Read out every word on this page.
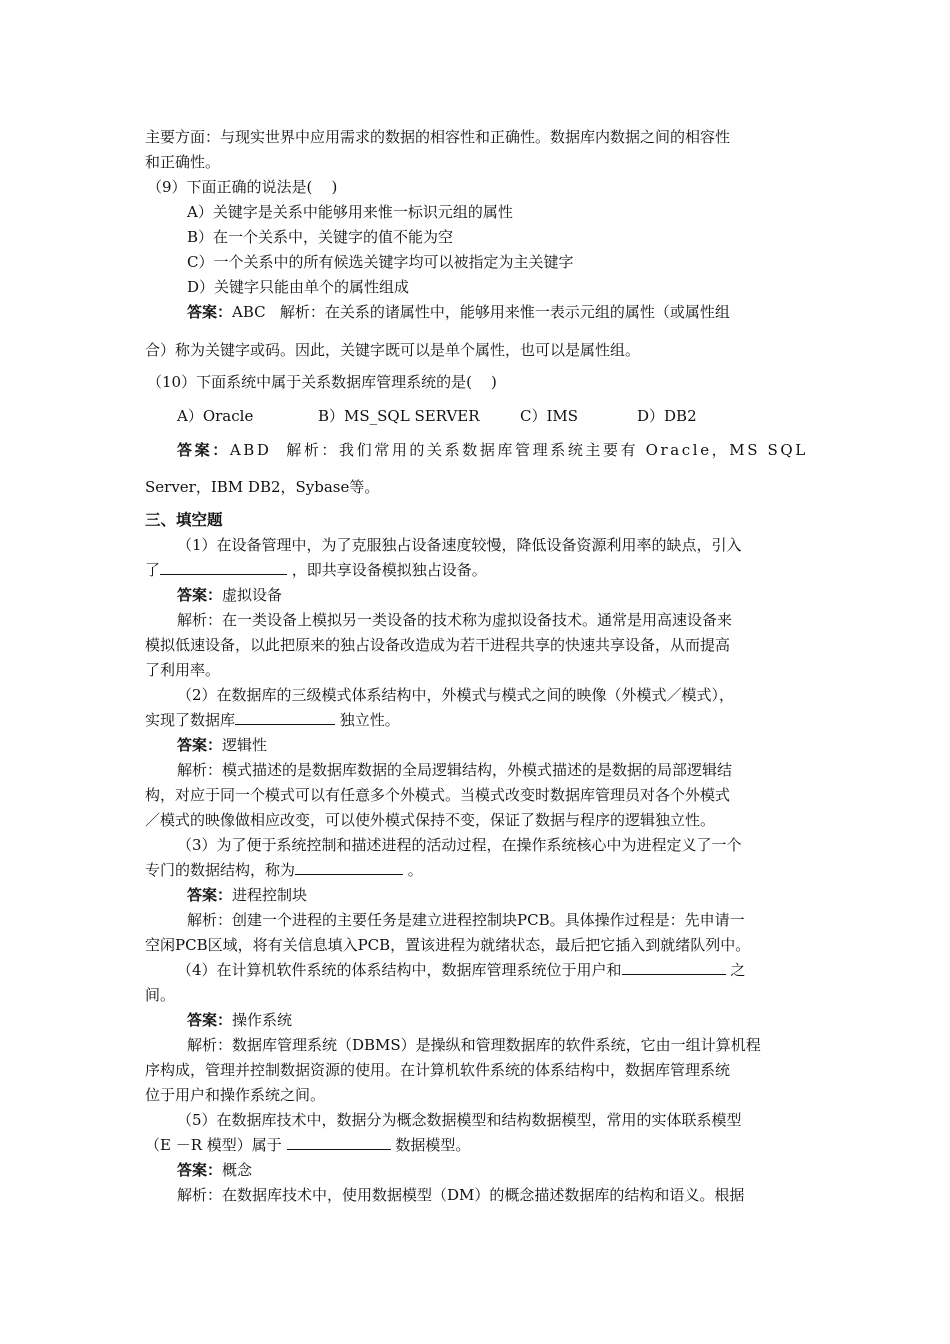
主要方面：与现实世界中应用需求的数据的相容性和正确性。数据库内数据之间的相容性
和正确性。
（9）下面正确的说法是(    )
A）关键字是关系中能够用来惟一标识元组的属性
B）在一个关系中，关键字的值不能为空
C）一个关系中的所有候选关键字均可以被指定为主关键字
D）关键字只能由单个的属性组成
答案：ABC   解析：在关系的诸属性中，能够用来惟一表示元组的属性（或属性组
合）称为关键字或码。因此，关键字既可以是单个属性，也可以是属性组。
（10）下面系统中属于关系数据库管理系统的是(    )
A）Oracle	B）MS_SQL SERVER	C）IMS	D）DB2
答案：ABD  解析：我们常用的关系数据库管理系统主要有 Oracle，MS SQL
Server，IBM DB2，Sybase等。
三、填空题
（1）在设备管理中，为了克服独占设备速度较慢，降低设备资源利用率的缺点，引入
了	，即共享设备模拟独占设备。
答案：虚拟设备
解析：在一类设备上模拟另一类设备的技术称为虚拟设备技术。通常是用高速设备来
模拟低速设备，以此把原来的独占设备改造成为若干进程共享的快速共享设备，从而提高
了利用率。
（2）在数据库的三级模式体系结构中，外模式与模式之间的映像（外模式／模式），
实现了数据库	独立性。
答案：逻辑性
解析：模式描述的是数据库数据的全局逻辑结构，外模式描述的是数据的局部逻辑结
构，对应于同一个模式可以有任意多个外模式。当模式改变时数据库管理员对各个外模式
／模式的映像做相应改变，可以使外模式保持不变，保证了数据与程序的逻辑独立性。
（3）为了便于系统控制和描述进程的活动过程，在操作系统核心中为进程定义了一个
专门的数据结构，称为	。
答案：进程控制块
解析：创建一个进程的主要任务是建立进程控制块PCB。具体操作过程是：先申请一
空闲PCB区域，将有关信息填入PCB，置该进程为就绪状态，最后把它插入到就绪队列中。
（4）在计算机软件系统的体系结构中，数据库管理系统位于用户和	之
间。
答案：操作系统
解析：数据库管理系统（DBMS）是操纵和管理数据库的软件系统，它由一组计算机程
序构成，管理并控制数据资源的使用。在计算机软件系统的体系结构中，数据库管理系统
位于用户和操作系统之间。
（5）在数据库技术中，数据分为概念数据模型和结构数据模型，常用的实体联系模型
（E －R 模型）属于	数据模型。
答案：概念
解析：在数据库技术中，使用数据模型（DM）的概念描述数据库的结构和语义。根据
